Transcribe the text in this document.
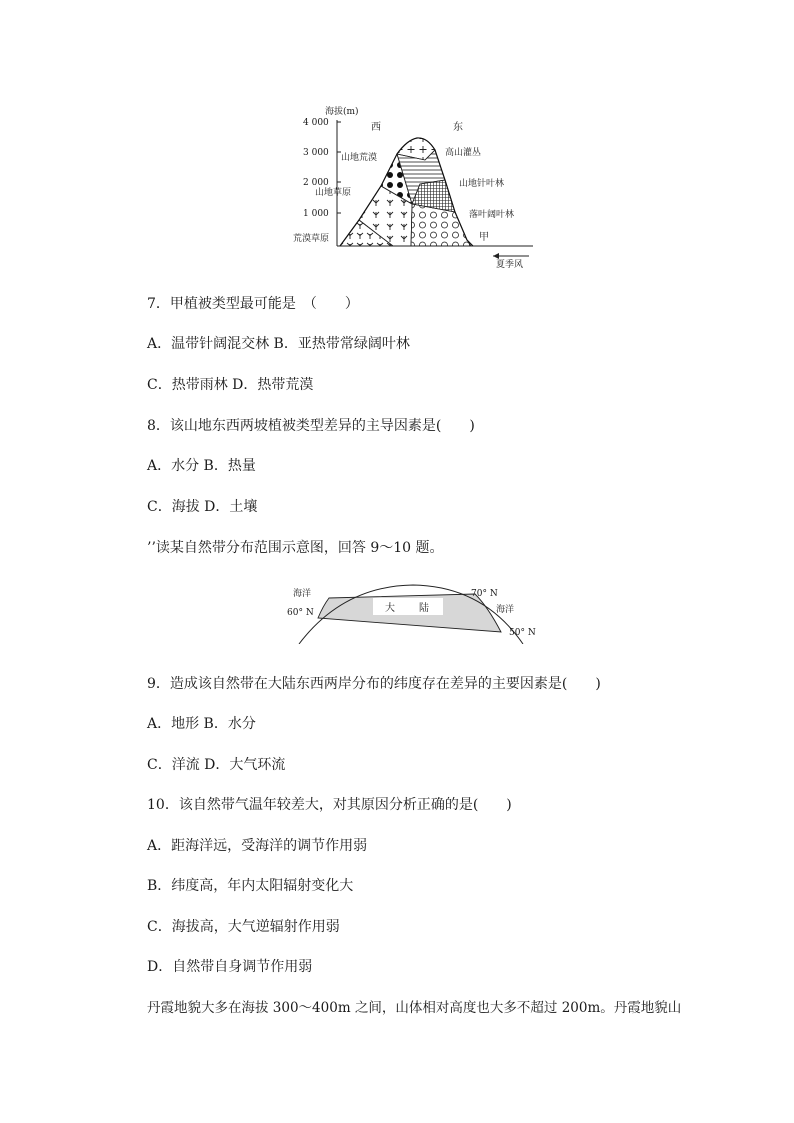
海拔(m)
4 000
3 000
2 000
1 000
西	东
山地荒漠
山地草原
荒漠草原
高山灌丛
山地针叶林
落叶阔叶林
甲
夏季风
海洋
海洋
60° N
70° N
50° N
大 陆
7．甲植被类型最可能是　（　　）
A．温带针阔混交林 B．亚热带常绿阔叶林
C．热带雨林 D．热带荒漠
8．该山地东西两坡植被类型差异的主导因素是(　　)
A．水分 B．热量
C．海拔 D．土壤
’’读某自然带分布范围示意图，回答 9～10 题。
9．造成该自然带在大陆东西两岸分布的纬度存在差异的主要因素是(　　)
A．地形 B．水分
C．洋流 D．大气环流
10．该自然带气温年较差大，对其原因分析正确的是(　　)
A．距海洋远，受海洋的调节作用弱
B．纬度高，年内太阳辐射变化大
C．海拔高，大气逆辐射作用弱
D．自然带自身调节作用弱
丹霞地貌大多在海拔 300～400m 之间，山体相对高度也大多不超过 200m。丹霞地貌山
